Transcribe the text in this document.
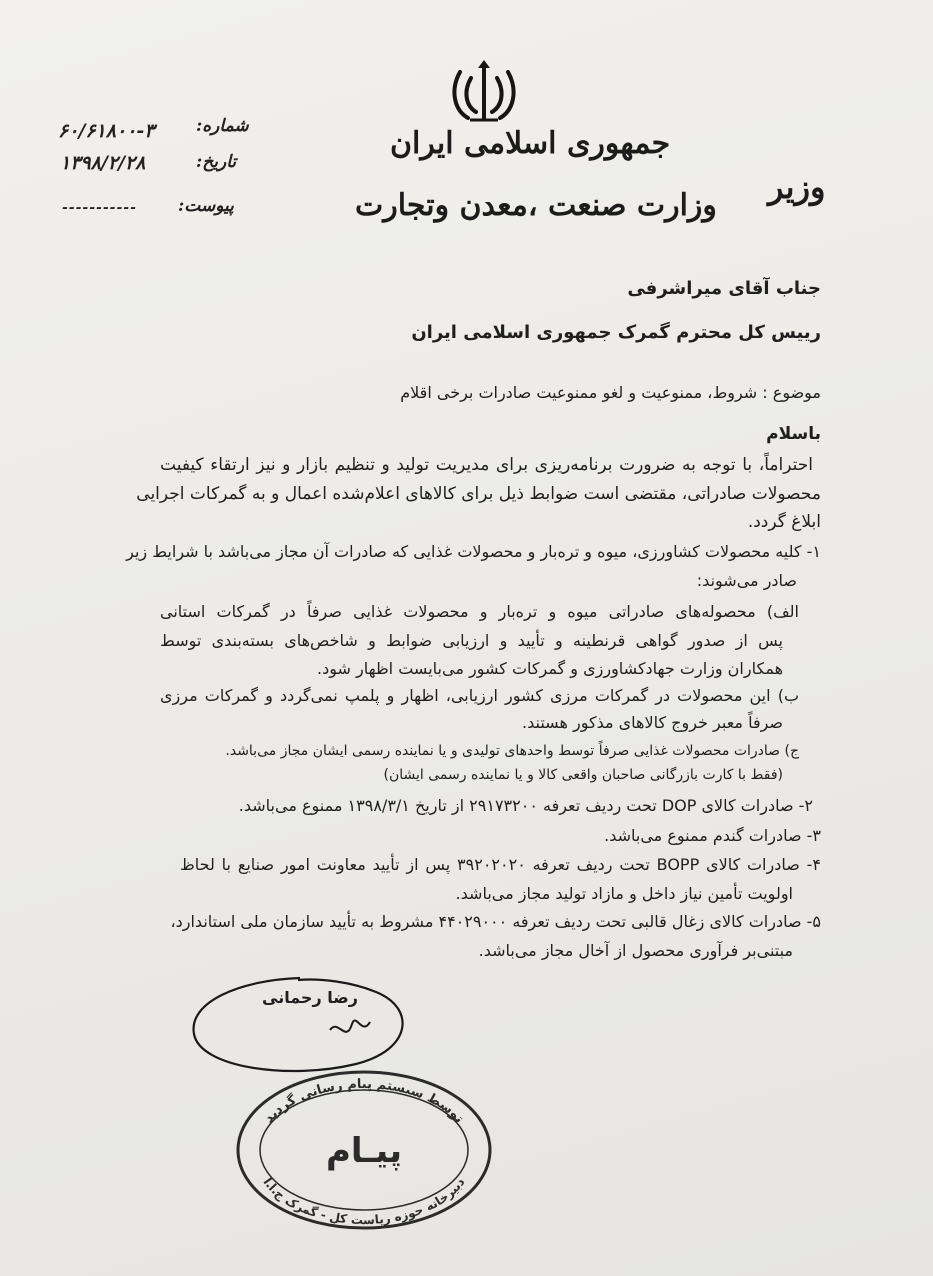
جمهوری اسلامی ایران
وزارت صنعت ،معدن وتجارت وزیر
شماره:
۶۰/۶۱۸۰۰-۳
تاریخ:
۱۳۹۸/۲/۲۸
پیوست:
-----------
جناب آقای میراشرفی
رییس کل محترم گمرک جمهوری اسلامی ایران
موضوع : شروط، ممنوعیت و لغو ممنوعیت صادرات برخی اقلام
باسلام
احتراماً، با توجه به ضرورت برنامه‌ریزی برای مدیریت تولید و تنظیم بازار و نیز ارتقاء کیفیت
محصولات صادراتی، مقتضی است ضوابط ذیل برای کالاهای اعلام‌شده اعمال و به گمرکات اجرایی
ابلاغ گردد.
۱- کلیه محصولات کشاورزی، میوه و تره‌بار و محصولات غذایی که صادرات آن مجاز می‌باشد با شرایط زیر
صادر می‌شوند:
الف) محصوله‌های صادراتی میوه و تره‌بار و محصولات غذایی صرفاً در گمرکات استانی
پس از صدور گواهی قرنطینه و تأیید و ارزیابی ضوابط و شاخص‌های بسته‌بندی توسط
همکاران وزارت جهادکشاورزی و گمرکات کشور می‌بایست اظهار شود.
ب) این محصولات در گمرکات مرزی کشور ارزیابی، اظهار و پلمپ نمی‌گردد و گمرکات مرزی
صرفاً معبر خروج کالاهای مذکور هستند.
ج) صادرات محصولات غذایی صرفاً توسط واحدهای تولیدی و یا نماینده رسمی ایشان مجاز می‌باشد.
(فقط با کارت بازرگانی صاحبان واقعی کالا و یا نماینده رسمی ایشان)
۲- صادرات کالای DOP تحت ردیف تعرفه ۲۹۱۷۳۲۰۰ از تاریخ ۱۳۹۸/۳/۱ ممنوع می‌باشد.
۳- صادرات گندم ممنوع می‌باشد.
۴- صادرات کالای BOPP تحت ردیف تعرفه ۳۹۲۰۲۰۲۰ پس از تأیید معاونت امور صنایع با لحاظ
اولویت تأمین نیاز داخل و مازاد تولید مجاز می‌باشد.
۵- صادرات کالای زغال قالبی تحت ردیف تعرفه ۴۴۰۲۹۰۰۰ مشروط به تأیید سازمان ملی استاندارد،
مبتنی‌بر فرآوری محصول از آخال مجاز می‌باشد.
رضا رحمانی
توسط سیستم پیام رسانی گردید
دبیرخانه حوزه ریاست کل - گمرک ج.ا.ا
پیـام
